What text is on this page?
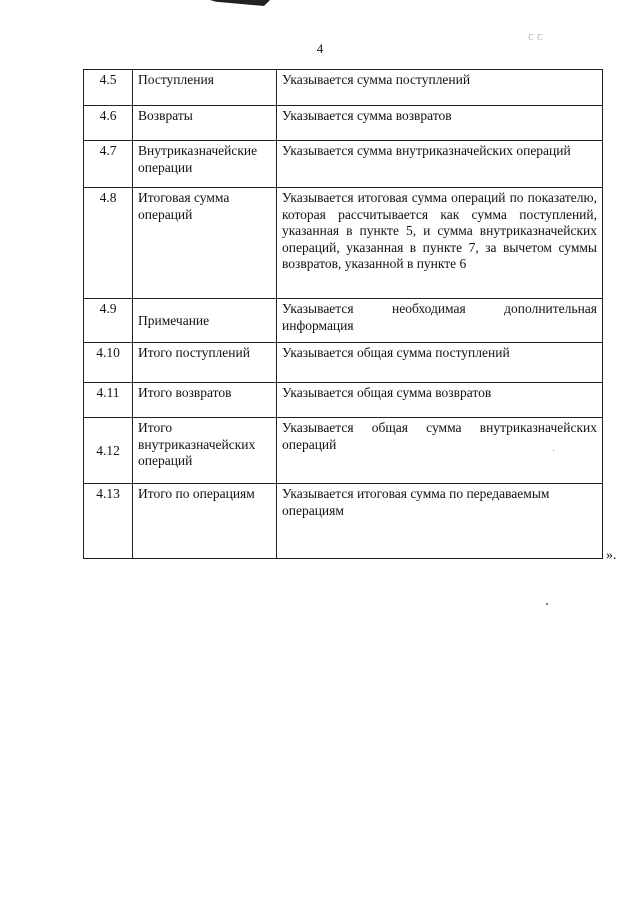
ꞇ ꞇ
4
4.5	Поступления	Указывается сумма поступлений
4.6	Возвраты	Указывается сумма возвратов
4.7	Внутриказначейские операции	Указывается сумма внутриказначейских операций
4.8	Итоговая сумма операций	Указывается итоговая сумма операций по показателю, которая рассчитывается как сумма поступлений, указанная в пункте 5, и сумма внутриказначейских операций, указанная в пункте 7, за вычетом суммы возвратов, указанной в пункте 6
4.9	Примечание	Указывается необходимая дополнительная информация
4.10	Итого поступлений	Указывается общая сумма поступлений
4.11	Итого возвратов	Указывается общая сумма возвратов
4.12	Итого внутриказначейских операций	Указывается общая сумма внутриказначейских операций
4.13	Итого по операциям	Указывается итоговая сумма по передаваемым операциям
».
